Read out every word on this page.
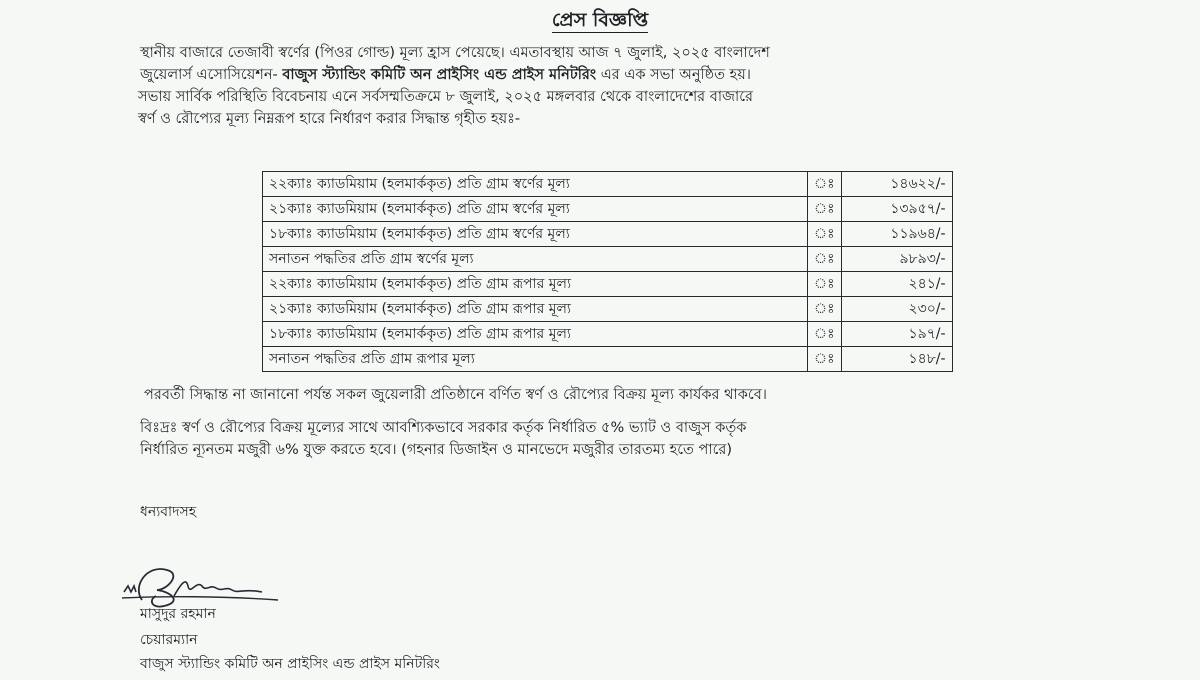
প্রেস বিজ্ঞপ্তি
স্থানীয় বাজারে তেজাবী স্বর্ণের (পিওর গোল্ড) মূল্য হ্রাস পেয়েছে। এমতাবস্থায় আজ ৭ জুলাই, ২০২৫ বাংলাদেশ
জুয়েলার্স এসোসিয়েশন- বাজুস স্ট্যান্ডিং কমিটি অন প্রাইসিং এন্ড প্রাইস মনিটরিং এর এক সভা অনুষ্ঠিত হয়।
সভায় সার্বিক পরিস্থিতি বিবেচনায় এনে সর্বসম্মতিক্রমে ৮ জুলাই, ২০২৫ মঙ্গলবার থেকে বাংলাদেশের বাজারে
স্বর্ণ ও রৌপ্যের মূল্য নিম্নরূপ হারে নির্ধারণ করার সিদ্ধান্ত গৃহীত হয়ঃ-
২২ক্যাঃ ক্যাডমিয়াম (হলমার্ককৃত) প্রতি গ্রাম স্বর্ণের মূল্য	ঃ	১৪৬২২/-
২১ক্যাঃ ক্যাডমিয়াম (হলমার্ককৃত) প্রতি গ্রাম স্বর্ণের মূল্য	ঃ	১৩৯৫৭/-
১৮ক্যাঃ ক্যাডমিয়াম (হলমার্ককৃত) প্রতি গ্রাম স্বর্ণের মূল্য	ঃ	১১৯৬৪/-
সনাতন পদ্ধতির প্রতি গ্রাম স্বর্ণের মূল্য	ঃ	৯৮৯৩/-
২২ক্যাঃ ক্যাডমিয়াম (হলমার্ককৃত) প্রতি গ্রাম রূপার মূল্য	ঃ	২৪১/-
২১ক্যাঃ ক্যাডমিয়াম (হলমার্ককৃত) প্রতি গ্রাম রূপার মূল্য	ঃ	২৩০/-
১৮ক্যাঃ ক্যাডমিয়াম (হলমার্ককৃত) প্রতি গ্রাম রূপার মূল্য	ঃ	১৯৭/-
সনাতন পদ্ধতির প্রতি গ্রাম রূপার মূল্য	ঃ	১৪৮/-
পরবর্তী সিদ্ধান্ত না জানানো পর্যন্ত সকল জুয়েলারী প্রতিষ্ঠানে বর্ণিত স্বর্ণ ও রৌপ্যের বিক্রয় মূল্য কার্যকর থাকবে।
বিঃদ্রঃ স্বর্ণ ও রৌপ্যের বিক্রয় মূল্যের সাথে আবশ্যিকভাবে সরকার কর্তৃক নির্ধারিত ৫% ভ্যাট ও বাজুস কর্তৃক
নির্ধারিত ন্যূনতম মজুরী ৬% যুক্ত করতে হবে। (গহনার ডিজাইন ও মানভেদে মজুরীর তারতম্য হতে পারে)
ধন্যবাদসহ
মাসুদুর রহমান
চেয়ারম্যান
বাজুস স্ট্যান্ডিং কমিটি অন প্রাইসিং এন্ড প্রাইস মনিটরিং
